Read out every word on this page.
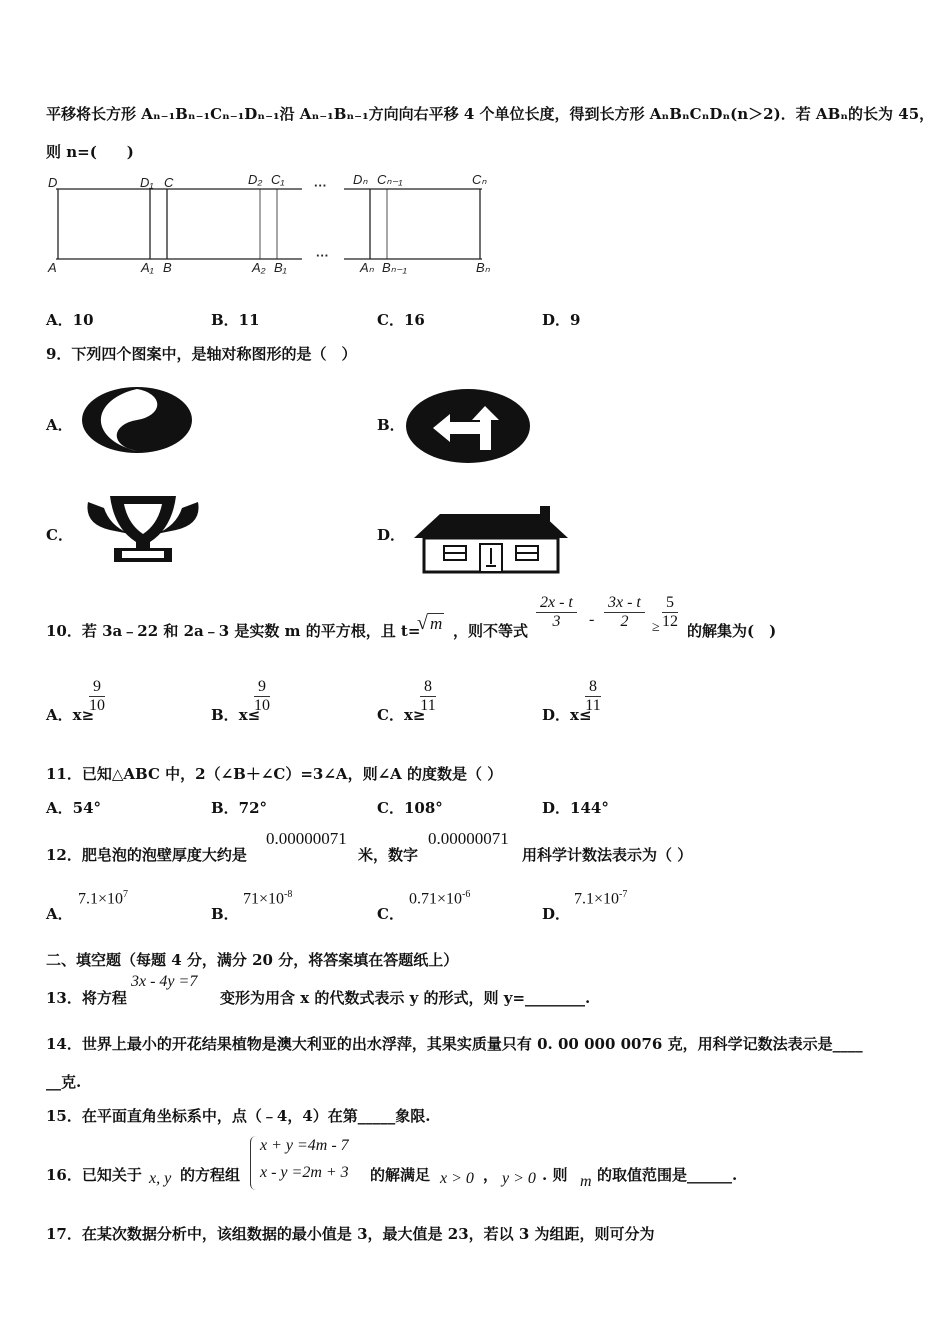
平移将长方形 Aₙ₋₁Bₙ₋₁Cₙ₋₁Dₙ₋₁沿 Aₙ₋₁Bₙ₋₁方向向右平移 4 个单位长度，得到长方形 AₙBₙCₙDₙ(n＞2)．若 ABₙ的长为 45，
则 n=(　　)
D	D₁ C	D₂ C₁ ··· Dₙ Cₙ₋₁	Cₙ
A	A₁ B	A₂ B₁
···
Aₙ Bₙ₋₁	Bₙ
A．10	B．11	C．16	D．9
9．下列四个图案中，是轴对称图形的是（　）
A．	B．
C．	D．
10．若 3a﹣22 和 2a﹣3 是实数 m 的平方根，且 t=
√ m ，则不等式 $\frac{2x - t}{3} - \frac{3x - t}{2} \ge \frac{5}{12}$ 的解集为(　)
A．x≥
$\frac{9}{10}$	B．x≤
$\frac{9}{10}$	C．x≥
$\frac{8}{11}$	D．x≤
$\frac{8}{11}$
11．已知△ABC 中，2（∠B＋∠C）=3∠A，则∠A 的度数是（ ）
A．54°	B．72°	C．108°	D．144°
12．肥皂泡的泡壁厚度大约是
0.00000071
米，数字
0.00000071
用科学计数法表示为（ ）
A．
$7.1\times 10^7$
B．
$71\times 10^{-8}$
C．
$0.71\times 10^{-6}$
D．
$7.1\times 10^{-7}$
二、填空题（每题 4 分，满分 20 分，将答案填在答题纸上）
13．将方程
3x - 4y =7
变形为用含 x 的代数式表示 y 的形式，则 y=________.
14．世界上最小的开花结果植物是澳大利亚的出水浮萍，其果实质量只有 0. 00 000 0076 克，用科学记数法表示是____
__克.
15．在平面直角坐标系中，点（﹣4，4）在第_____象限.
16．已知关于 x, y 的方程组
x + y =4m - 7
x - y =2m + 3 的解满足 x > 0 ， y > 0 . 则 m 的取值范围是______.
17．在某次数据分析中，该组数据的最小值是 3，最大值是 23，若以 3 为组距，则可分为
